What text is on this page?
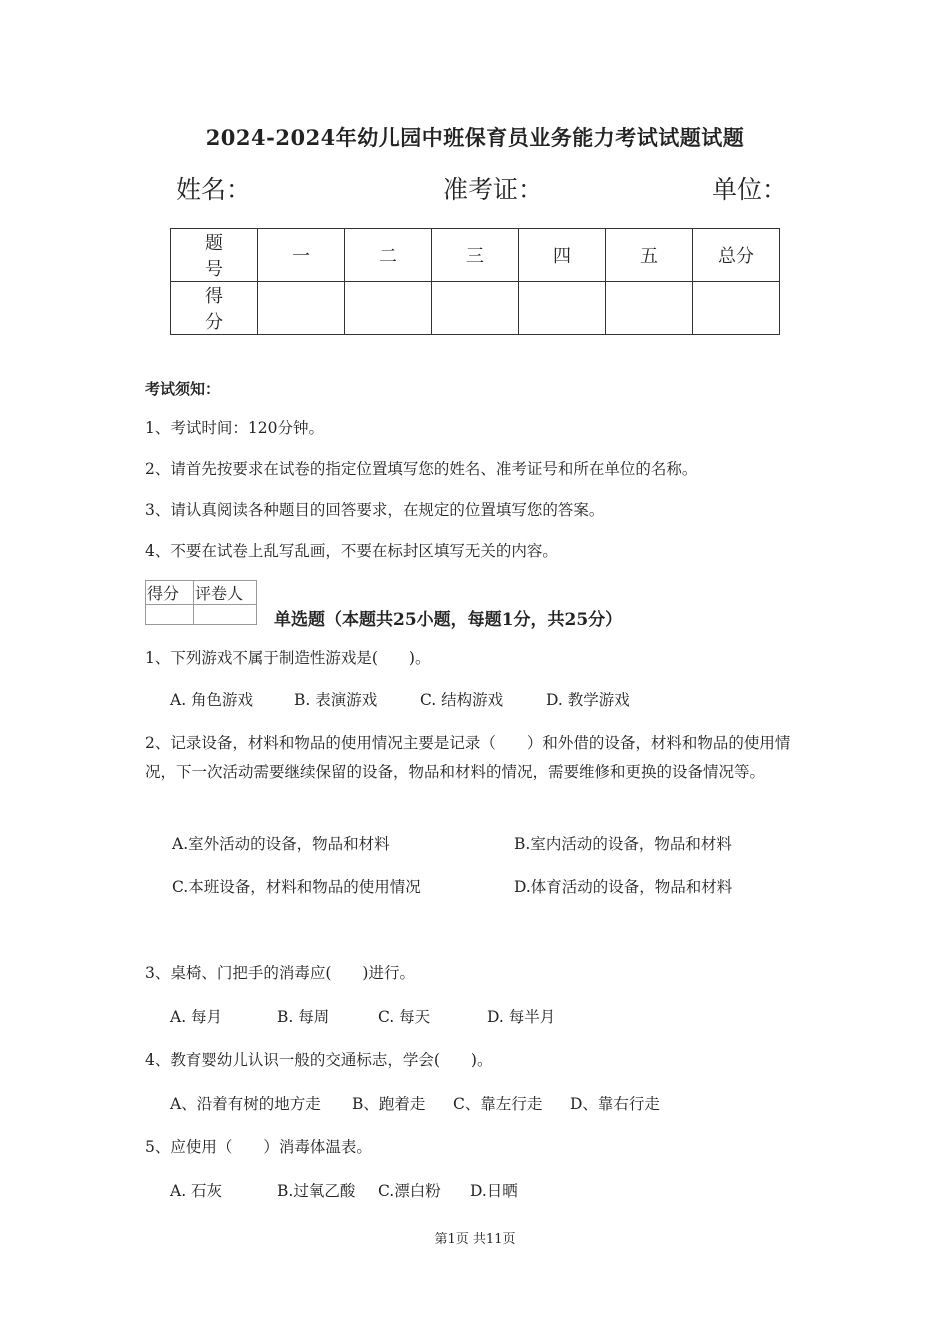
2024-2024年幼儿园中班保育员业务能力考试试题试题
姓名：	准考证：	单位：
题 号	一	二	三	四	五	总分
得 分						
考试须知：
1、考试时间：120分钟。
2、请首先按要求在试卷的指定位置填写您的姓名、准考证号和所在单位的名称。
3、请认真阅读各种题目的回答要求，在规定的位置填写您的答案。
4、不要在试卷上乱写乱画，不要在标封区填写无关的内容。
得分	评卷人

单选题（本题共25小题，每题1分，共25分）
1、下列游戏不属于制造性游戏是(　　)。
A. 角色游戏	B. 表演游戏	C. 结构游戏	D. 教学游戏
2、记录设备，材料和物品的使用情况主要是记录（　　）和外借的设备，材料和物品的使用情况，下一次活动需要继续保留的设备，物品和材料的情况，需要维修和更换的设备情况等。
A.室外活动的设备，物品和材料	B.室内活动的设备，物品和材料
C.本班设备，材料和物品的使用情况	D.体育活动的设备，物品和材料
3、桌椅、门把手的消毒应(　　)进行。
A. 每月	B. 每周	C. 每天	D. 每半月
4、教育婴幼儿认识一般的交通标志，学会(　　)。
A、沿着有树的地方走 B、跑着走 C、靠左行走 D、靠右行走
5、应使用（　　）消毒体温表。
A. 石灰	B.过氧乙酸 C.漂白粉 D.日晒
第1页 共11页
